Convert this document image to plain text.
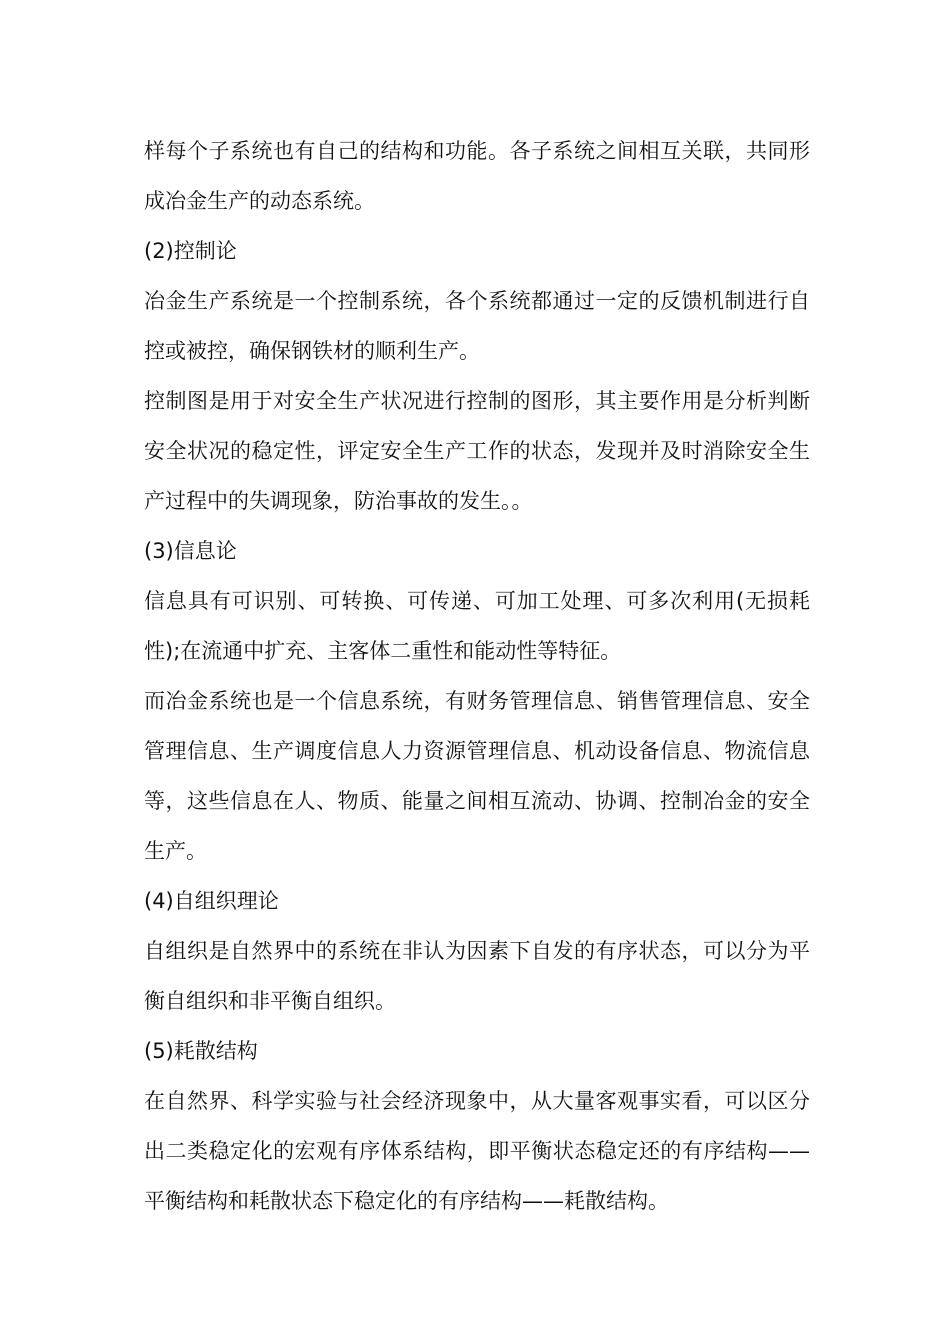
样每个子系统也有自己的结构和功能。各子系统之间相互关联，共同形成冶金生产的动态系统。

(2)控制论

冶金生产系统是一个控制系统，各个系统都通过一定的反馈机制进行自控或被控，确保钢铁材的顺利生产。

控制图是用于对安全生产状况进行控制的图形，其主要作用是分析判断安全状况的稳定性，评定安全生产工作的状态，发现并及时消除安全生产过程中的失调现象，防治事故的发生。。

(3)信息论

信息具有可识别、可转换、可传递、可加工处理、可多次利用(无损耗性);在流通中扩充、主客体二重性和能动性等特征。

而冶金系统也是一个信息系统，有财务管理信息、销售管理信息、安全管理信息、生产调度信息人力资源管理信息、机动设备信息、物流信息等，这些信息在人、物质、能量之间相互流动、协调、控制冶金的安全生产。

(4)自组织理论

自组织是自然界中的系统在非认为因素下自发的有序状态，可以分为平衡自组织和非平衡自组织。

(5)耗散结构

在自然界、科学实验与社会经济现象中，从大量客观事实看，可以区分出二类稳定化的宏观有序体系结构，即平衡状态稳定还的有序结构——平衡结构和耗散状态下稳定化的有序结构——耗散结构。
